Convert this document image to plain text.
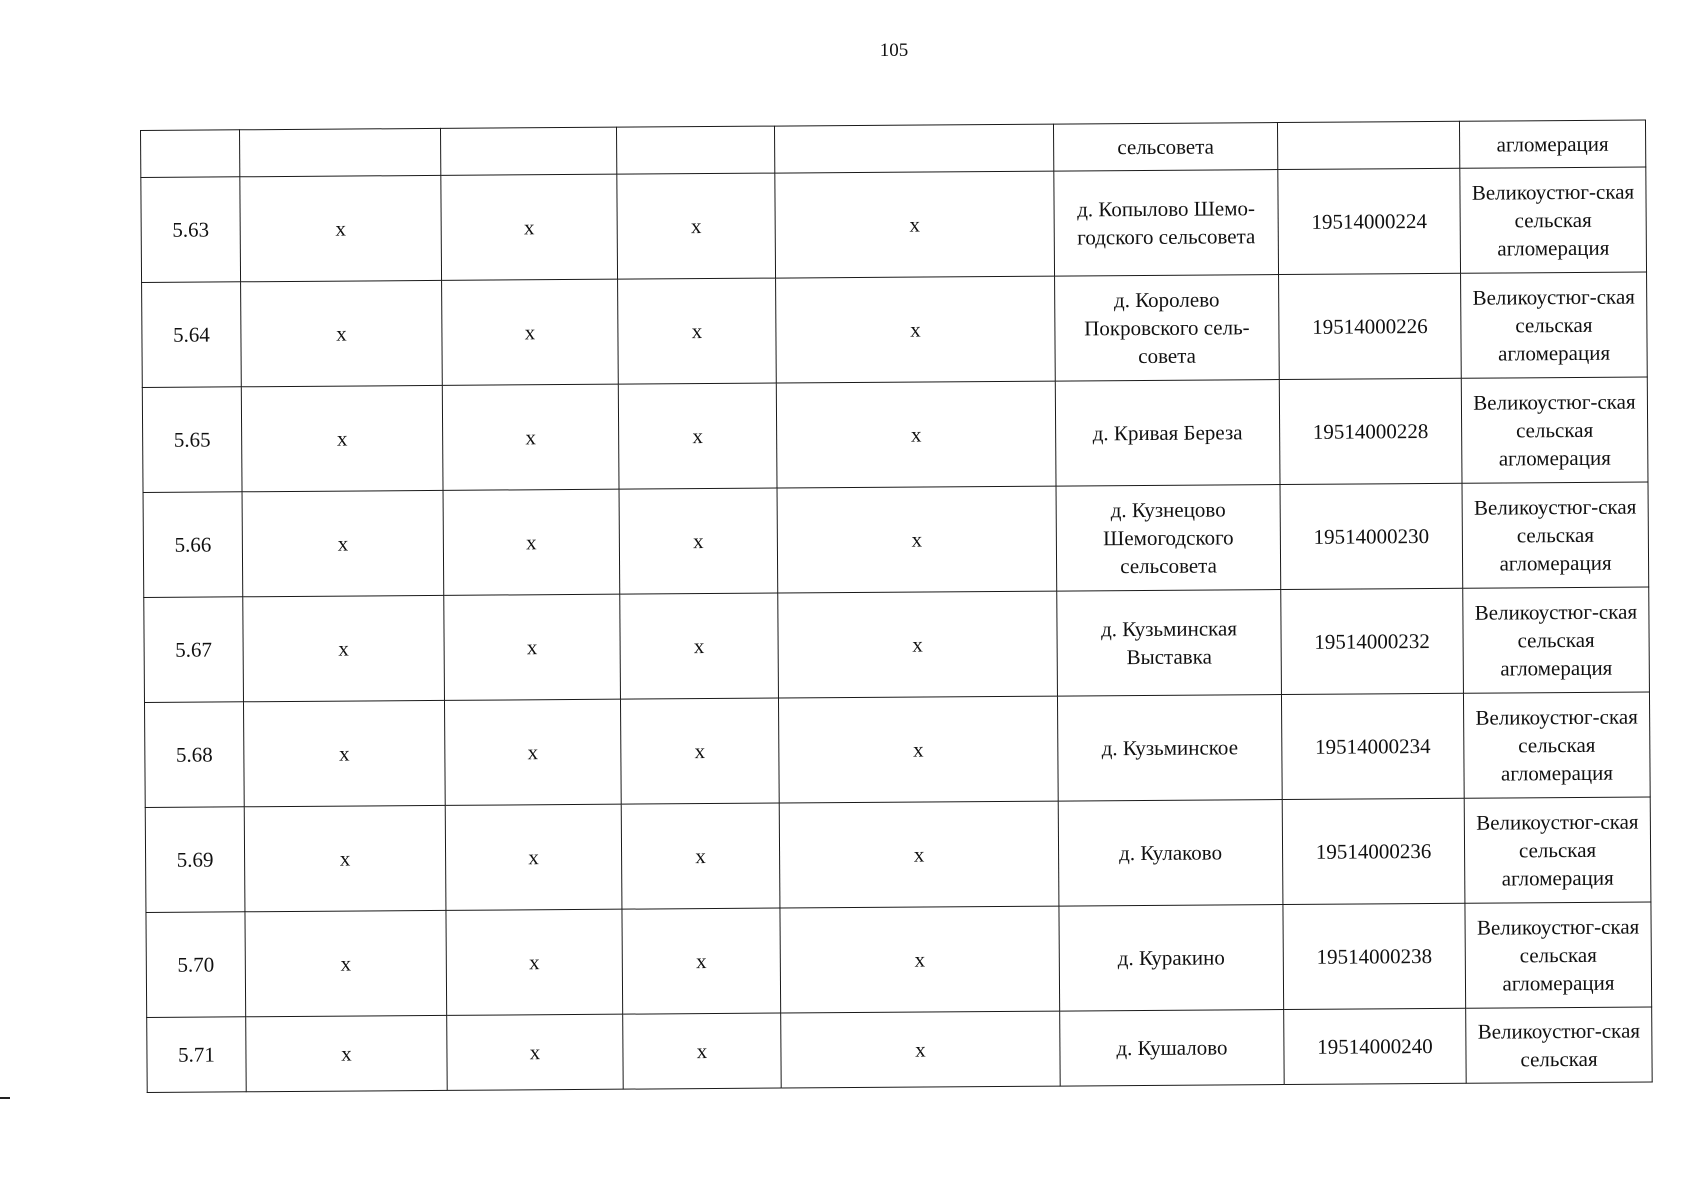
105
					сельсовета		агломерация
5.63	x	x	x	x	д. Копылово Шемо-годского сельсовета	19514000224	Великоустюг-ская сельская агломерация
5.64	x	x	x	x	д. Королево Покровского сель-совета	19514000226	Великоустюг-ская сельская агломерация
5.65	x	x	x	x	д. Кривая Береза	19514000228	Великоустюг-ская сельская агломерация
5.66	x	x	x	x	д. Кузнецово Шемогодского сельсовета	19514000230	Великоустюг-ская сельская агломерация
5.67	x	x	x	x	д. Кузьминская Выставка	19514000232	Великоустюг-ская сельская агломерация
5.68	x	x	x	x	д. Кузьминское	19514000234	Великоустюг-ская сельская агломерация
5.69	x	x	x	x	д. Кулаково	19514000236	Великоустюг-ская сельская агломерация
5.70	x	x	x	x	д. Куракино	19514000238	Великоустюг-ская сельская агломерация
5.71	x	x	x	x	д. Кушалово	19514000240	Великоустюг-ская сельская
